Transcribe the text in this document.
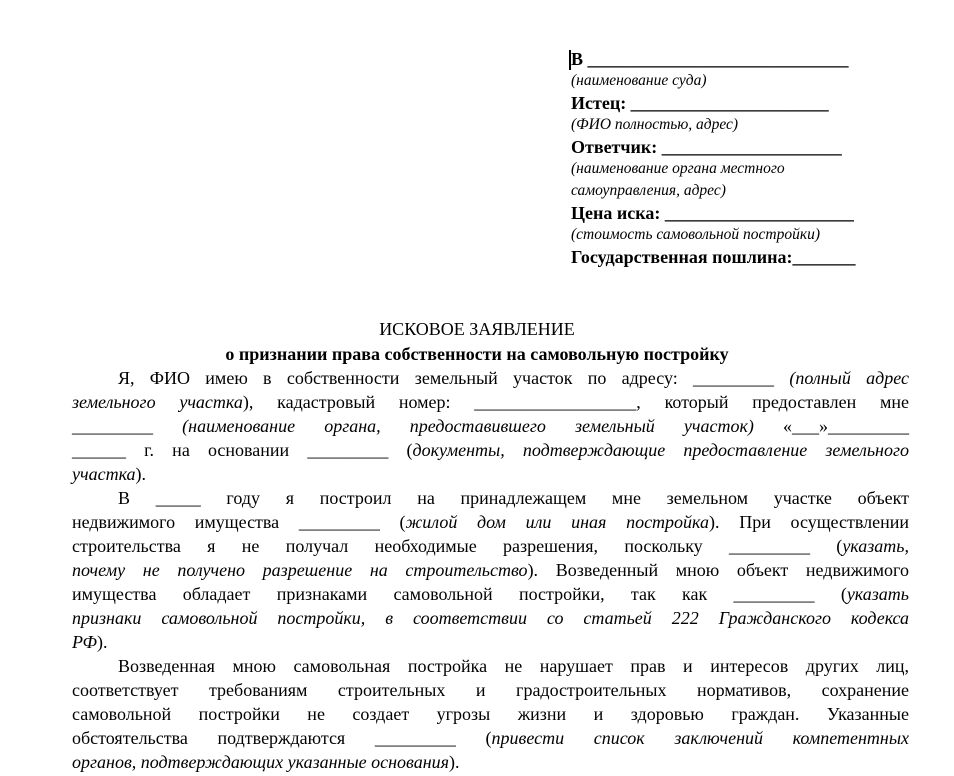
В _____________________________
(наименование суда)
Истец: ______________________
(ФИО полностью, адрес)
Ответчик: ____________________
(наименование органа местного
самоуправления, адрес)
Цена иска: _____________________
(стоимость самовольной постройки)
Государственная пошлина:_______
ИСКОВОЕ ЗАЯВЛЕНИЕ
о признании права собственности на самовольную постройку
Я, ФИО имею в собственности земельный участок по адресу: _________ (полный адрес
земельного участка), кадастровый номер: __________________, который предоставлен мне
_________ (наименование органа, предоставившего земельный участок) «___»_________
______ г. на основании _________ (документы, подтверждающие предоставление земельного
участка).
В _____ году я построил на принадлежащем мне земельном участке объект
недвижимого имущества _________ (жилой дом или иная постройка). При осуществлении
строительства я не получал необходимые разрешения, поскольку _________ (указать,
почему не получено разрешение на строительство). Возведенный мною объект недвижимого
имущества обладает признаками самовольной постройки, так как _________ (указать
признаки самовольной постройки, в соответствии со статьей 222 Гражданского кодекса
РФ).
Возведенная мною самовольная постройка не нарушает прав и интересов других лиц,
соответствует требованиям строительных и градостроительных нормативов, сохранение
самовольной постройки не создает угрозы жизни и здоровью граждан. Указанные
обстоятельства подтверждаются _________ (привести список заключений компетентных
органов, подтверждающих указанные основания).
